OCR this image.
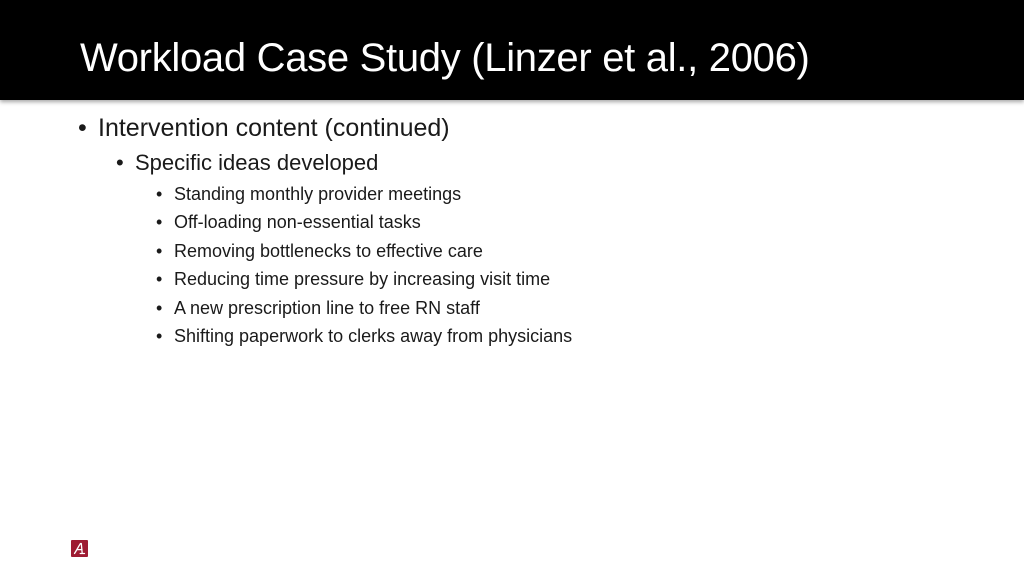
Workload Case Study (Linzer et al., 2006)
• Intervention content (continued)
• Specific ideas developed
• Standing monthly provider meetings
• Off-loading non-essential tasks
• Removing bottlenecks to effective care
• Reducing time pressure by increasing visit time
• A new prescription line to free RN staff
• Shifting paperwork to clerks away from physicians
